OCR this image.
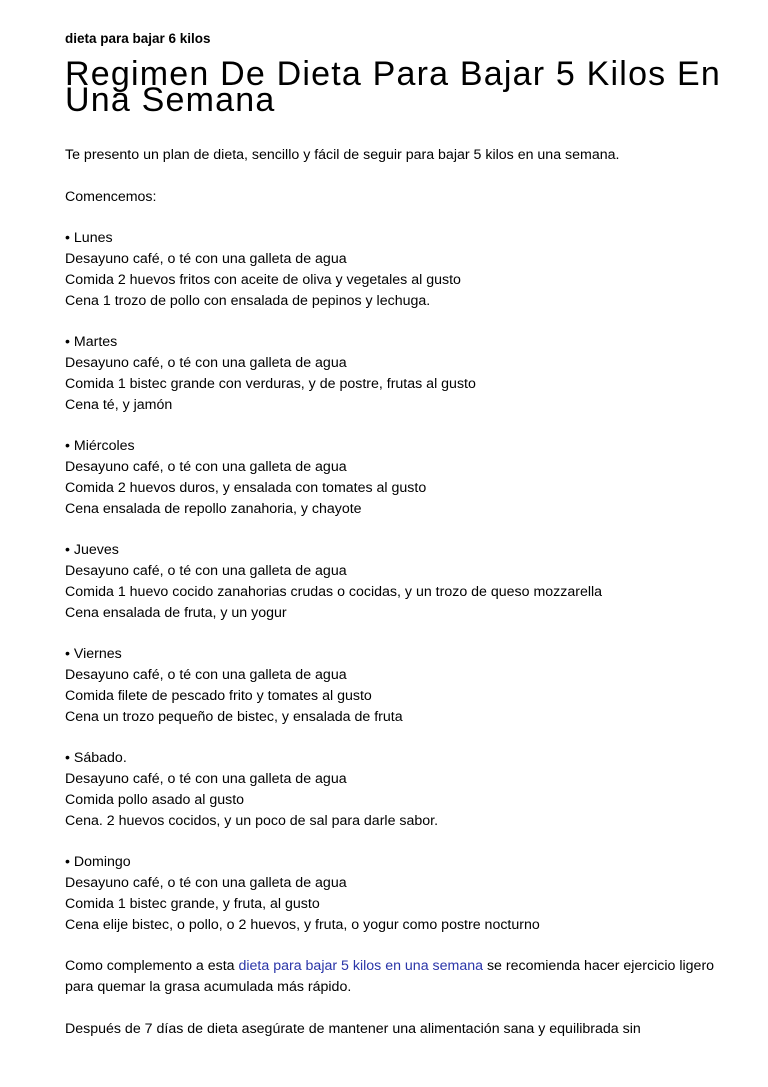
dieta para bajar 6 kilos
Regimen De Dieta Para Bajar 5 Kilos En Una Semana

Te presento un plan de dieta, sencillo y fácil de seguir para bajar 5 kilos en una semana.

Comencemos:

• Lunes
Desayuno café, o té con una galleta de agua
Comida 2 huevos fritos con aceite de oliva y vegetales al gusto
Cena 1 trozo de pollo con ensalada de pepinos y lechuga.
• Martes
Desayuno café, o té con una galleta de agua
Comida 1 bistec grande con verduras, y de postre, frutas al gusto
Cena té, y jamón
• Miércoles
Desayuno café, o té con una galleta de agua
Comida 2 huevos duros, y ensalada con tomates al gusto
Cena ensalada de repollo zanahoria, y chayote
• Jueves
Desayuno café, o té con una galleta de agua
Comida 1 huevo cocido zanahorias crudas o cocidas, y un trozo de queso mozzarella
Cena ensalada de fruta, y un yogur
• Viernes
Desayuno café, o té con una galleta de agua
Comida filete de pescado frito y tomates al gusto
Cena un trozo pequeño de bistec, y ensalada de fruta
• Sábado.
Desayuno café, o té con una galleta de agua
Comida pollo asado al gusto
Cena. 2 huevos cocidos, y un poco de sal para darle sabor.
• Domingo
Desayuno café, o té con una galleta de agua
Comida 1 bistec grande, y fruta, al gusto
Cena elije bistec, o pollo, o 2 huevos, y fruta, o yogur como postre nocturno

Como complemento a esta dieta para bajar 5 kilos en una semana se recomienda hacer ejercicio ligero para quemar la grasa acumulada más rápido.

Después de 7 días de dieta asegúrate de mantener una alimentación sana y equilibrada sin
